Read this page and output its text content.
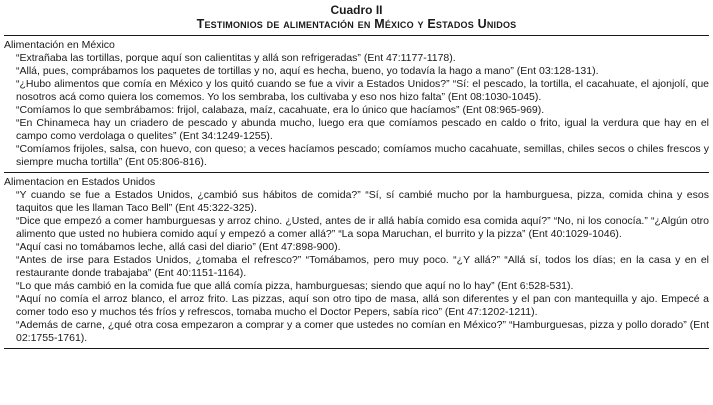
Cuadro II

Testimonios de alimentación en México y Estados Unidos

Alimentación en México

“Extrañaba las tortillas, porque aquí son calientitas y allá son refrigeradas” (Ent 47:1177-1178).
“Allá, pues, comprábamos los paquetes de tortillas y no, aquí es hecha, bueno, yo todavía la hago a mano” (Ent 03:128-131).
“¿Hubo alimentos que comía en México y los quitó cuando se fue a vivir a Estados Unidos?” “Sí: el pescado, la tortilla, el cacahuate, el ajonjolí, que nosotros acá como quiera los comemos. Yo los sembraba, los cultivaba y eso nos hizo falta” (Ent 08:1030-1045).
“Comíamos lo que sembrábamos: frijol, calabaza, maíz, cacahuate, era lo único que hacíamos” (Ent 08:965-969).
“En Chinameca hay un criadero de pescado y abunda mucho, luego era que comíamos pescado en caldo o frito, igual la verdura que hay en el campo como verdolaga o quelites” (Ent 34:1249-1255).
“Comíamos frijoles, salsa, con huevo, con queso; a veces hacíamos pescado; comíamos mucho cacahuate, semillas, chiles secos o chiles frescos y siempre mucha tortilla” (Ent 05:806-816).

Alimentacion en Estados Unidos

“Y cuando se fue a Estados Unidos, ¿cambió sus hábitos de comida?” “Sí, sí cambié mucho por la hamburguesa, pizza, comida china y esos taquitos que les llaman Taco Bell” (Ent 45:322-325).
“Dice que empezó a comer hamburguesas y arroz chino. ¿Usted, antes de ir allá había comido esa comida aquí?” “No, ni los conocía.” “¿Algún otro alimento que usted no hubiera comido aquí y empezó a comer allá?” “La sopa Maruchan, el burrito y la pizza” (Ent 40:1029-1046).
“Aquí casi no tomábamos leche, allá casi del diario” (Ent 47:898-900).
“Antes de irse para Estados Unidos, ¿tomaba el refresco?” “Tomábamos, pero muy poco. “¿Y allá?” “Allá sí, todos los días; en la casa y en el restaurante donde trabajaba” (Ent 40:1151-1164).
“Lo que más cambió en la comida fue que allá comía pizza, hamburguesas; siendo que aquí no lo hay” (Ent 6:528-531).
“Aquí no comía el arroz blanco, el arroz frito. Las pizzas, aquí son otro tipo de masa, allá son diferentes y el pan con mantequilla y ajo. Empecé a comer todo eso y muchos tés fríos y refrescos, tomaba mucho el Doctor Pepers, sabía rico” (Ent 47:1202-1211).
“Además de carne, ¿qué otra cosa empezaron a comprar y a comer que ustedes no comían en México?” “Hamburguesas, pizza y pollo dorado” (Ent 02:1755-1761).
